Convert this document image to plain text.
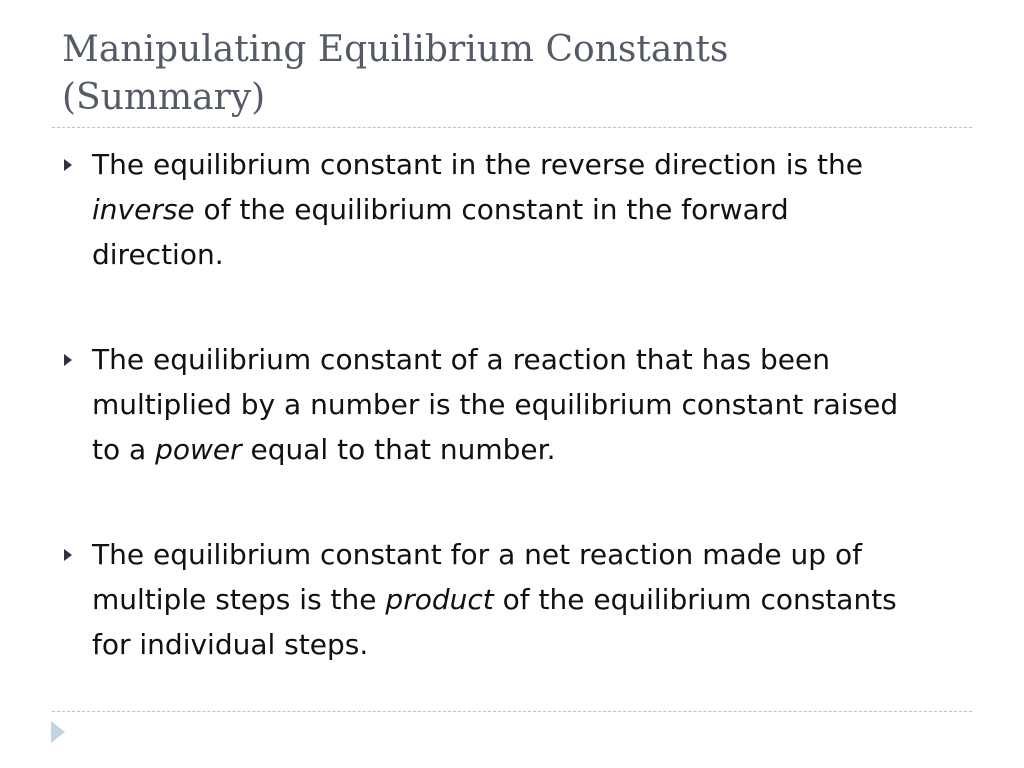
Manipulating Equilibrium Constants
(Summary)
The equilibrium constant in the reverse direction is the
inverse of the equilibrium constant in the forward
direction.
The equilibrium constant of a reaction that has been
multiplied by a number is the equilibrium constant raised
to a power equal to that number.
The equilibrium constant for a net reaction made up of
multiple steps is the product of the equilibrium constants
for individual steps.
